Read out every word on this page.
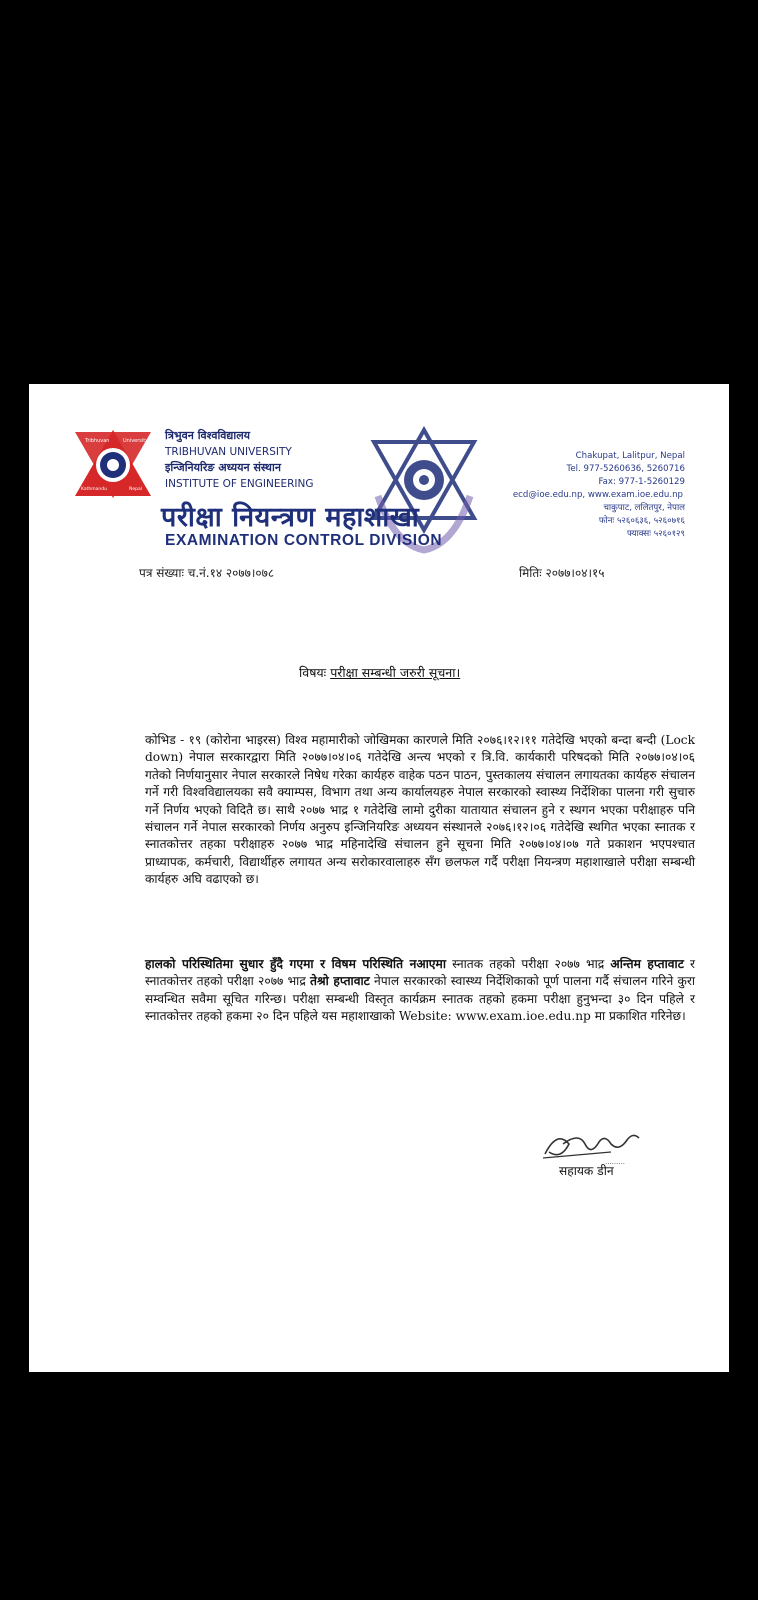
Tribhuvan	University
Kathmandu	Nepal
त्रिभुवन विश्वविद्यालय
TRIBHUVAN UNIVERSITY
इन्जिनियरिङ अध्ययन संस्थान
INSTITUTE OF ENGINEERING
परीक्षा नियन्त्रण महाशाखा
EXAMINATION CONTROL DIVISION
Chakupat, Lalitpur, Nepal
Tel. 977-5260636, 5260716
Fax: 977-1-5260129
ecd@ioe.edu.np, www.exam.ioe.edu.np
चाकुपाट, ललितपुर, नेपाल
फोनः ५२६०६३६, ५२६०७१६
फ्याक्सः ५२६०१२९
पत्र संख्याः च.नं.१४ २०७७।०७८	मितिः २०७७।०४।१५
विषयः परीक्षा सम्बन्धी जरुरी सूचना।
कोभिड - १९ (कोरोना भाइरस) विश्व महामारीको जोखिमका कारणले मिति २०७६।१२।११ गतेदेखि भएको बन्दा बन्दी (Lock down) नेपाल सरकारद्वारा मिति २०७७।०४।०६ गतेदेखि अन्त्य भएको र त्रि.वि. कार्यकारी परिषदको मिति २०७७।०४।०६ गतेको निर्णयानुसार नेपाल सरकारले निषेध गरेका कार्यहरु वाहेक पठन पाठन, पुस्तकालय संचालन लगायतका कार्यहरु संचालन गर्ने गरी विश्वविद्यालयका सवै क्याम्पस, विभाग तथा अन्य कार्यालयहरु नेपाल सरकारको स्वास्थ्य निर्देशिका पालना गरी सुचारु गर्ने निर्णय भएको विदितै छ। साथै २०७७ भाद्र १ गतेदेखि लामो दुरीका यातायात संचालन हुने र स्थगन भएका परीक्षाहरु पनि संचालन गर्ने नेपाल सरकारको निर्णय अनुरुप इन्जिनियरिङ अध्ययन संस्थानले २०७६।१२।०६ गतेदेखि स्थगित भएका स्नातक र स्नातकोत्तर तहका परीक्षाहरु २०७७ भाद्र महिनादेखि संचालन हुने सूचना मिति २०७७।०४।०७ गते प्रकाशन भएपश्चात प्राध्यापक, कर्मचारी, विद्यार्थीहरु लगायत अन्य सरोकारवालाहरु सँग छलफल गर्दै परीक्षा नियन्त्रण महाशाखाले परीक्षा सम्बन्धी कार्यहरु अघि वढाएको छ।
हालको परिस्थितिमा सुधार हुँदै गएमा र विषम परिस्थिति नआएमा स्नातक तहको परीक्षा २०७७ भाद्र अन्तिम हप्तावाट र स्नातकोत्तर तहको परीक्षा २०७७ भाद्र तेश्रो हप्तावाट नेपाल सरकारको स्वास्थ्य निर्देशिकाको पूर्ण पालना गर्दै संचालन गरिने कुरा सम्वन्धित सवैमा सूचित गरिन्छ। परीक्षा सम्बन्धी विस्तृत कार्यक्रम स्नातक तहको हकमा परीक्षा हुनुभन्दा ३० दिन पहिले र स्नातकोत्तर तहको हकमा २० दिन पहिले यस महाशाखाको Website: www.exam.ioe.edu.np मा प्रकाशित गरिनेछ।
.........
सहायक डीन
